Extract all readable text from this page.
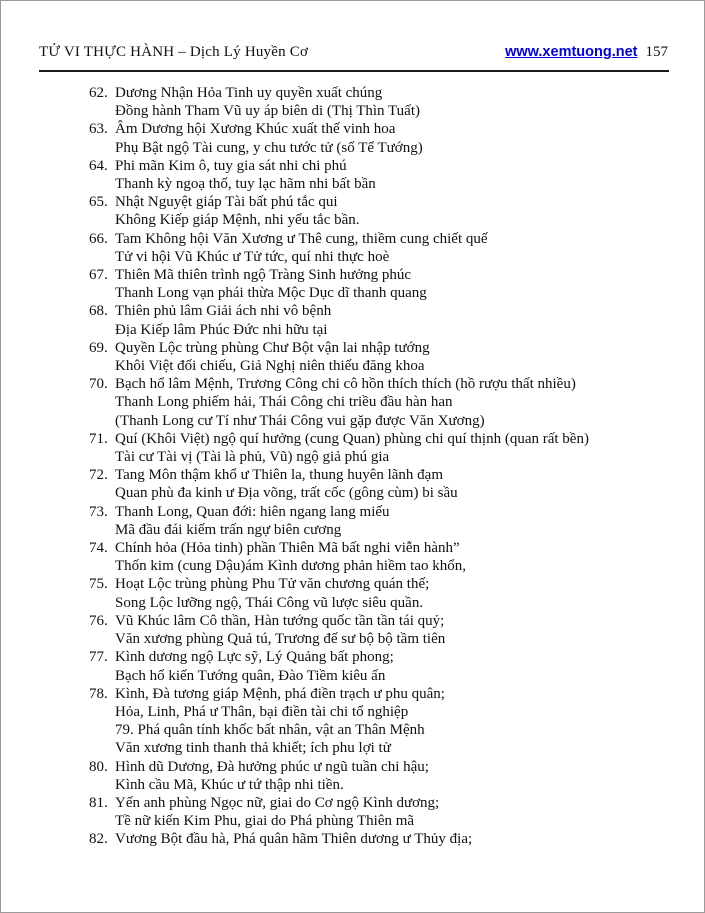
TỬ VI THỰC HÀNH – Dịch Lý Huyền Cơ	www.xemtuong.net 157
62. Dương Nhận Hỏa Tinh uy quyền xuất chúng
Đồng hành Tham Vũ uy áp biên di (Thị Thìn Tuất)
63. Âm Dương hội Xương Khúc xuất thế vinh hoa
Phụ Bật ngộ Tài cung, y chu tước tử (số Tể Tướng)
64. Phi mãn Kim ô, tuy gia sát nhi chi phú
Thanh kỳ ngoạ thố, tuy lạc hãm nhi bất bần
65. Nhật Nguyệt giáp Tài bất phú tắc qui
Không Kiếp giáp Mệnh, nhi yểu tắc bần.
66. Tam Không hội Văn Xương ư Thê cung, thiềm cung chiết quế
Tử vi hội Vũ Khúc ư Tử tức, quí nhi thực hoè
67. Thiên Mã thiên trình ngộ Tràng Sinh hưởng phúc
Thanh Long vạn phái thừa Mộc Dục dĩ thanh quang
68. Thiên phủ lâm Giải ách nhi vô bệnh
Địa Kiếp lâm Phúc Đức nhi hữu tại
69. Quyền Lộc trùng phùng Chư Bột vận lai nhập tướng
Khôi Việt đối chiếu, Giả Nghị niên thiếu đăng khoa
70. Bạch hổ lâm Mệnh, Trương Công chi cô hồn thích thích (hồ rượu thất nhiều)
Thanh Long phiếm hải, Thái Công chi triều đầu hàn han
(Thanh Long cư Tí như Thái Công vui gặp được Văn Xương)
71. Quí (Khôi Việt) ngộ quí hưởng (cung Quan) phùng chi quí thịnh (quan rất bền)
Tài cư Tài vị (Tài là phủ, Vũ) ngộ giả phú gia
72. Tang Môn thậm khổ ư Thiên la, thung huyên lãnh đạm
Quan phù đa kinh ư Địa võng, trất cốc (gông cùm) bi sầu
73. Thanh Long, Quan đới: hiên ngang lang miếu
Mã đầu đái kiếm trấn ngự biên cương
74. Chính hỏa (Hỏa tinh) phần Thiên Mã bất nghi viễn hành”
Thốn kim (cung Dậu)ám Kình dương phản hiềm tao khổn,
75. Hoạt Lộc trùng phùng Phu Tử văn chương quán thế;
Song Lộc lưỡng ngộ, Thái Công vũ lược siêu quần.
76. Vũ Khúc lâm Cô thần, Hàn tướng quốc tần tần tái quỷ;
Văn xương phùng Quả tú, Trương đế sư bộ bộ tầm tiên
77. Kình dương ngộ Lực sỹ, Lý Quảng bất phong;
Bạch hổ kiến Tướng quân, Đào Tiềm kiêu ấn
78. Kình, Đà tương giáp Mệnh, phá điền trạch ư phu quân;
Hỏa, Linh, Phá ư Thân, bại điền tài chi tổ nghiệp
79. Phá quân tính khốc bất nhân, vật an Thân Mệnh
Văn xương tinh thanh thả khiết; ích phu lợi tử
80. Hình dũ Dương, Đà hưởng phúc ư ngũ tuần chi hậu;
Kình cầu Mã, Khúc ư tứ thập nhi tiền.
81. Yến anh phùng Ngọc nữ, giai do Cơ ngộ Kình dương;
Tề nữ kiến Kim Phu, giai do Phá phùng Thiên mã
82. Vương Bột đầu hà, Phá quân hãm Thiên dương ư Thủy địa;
